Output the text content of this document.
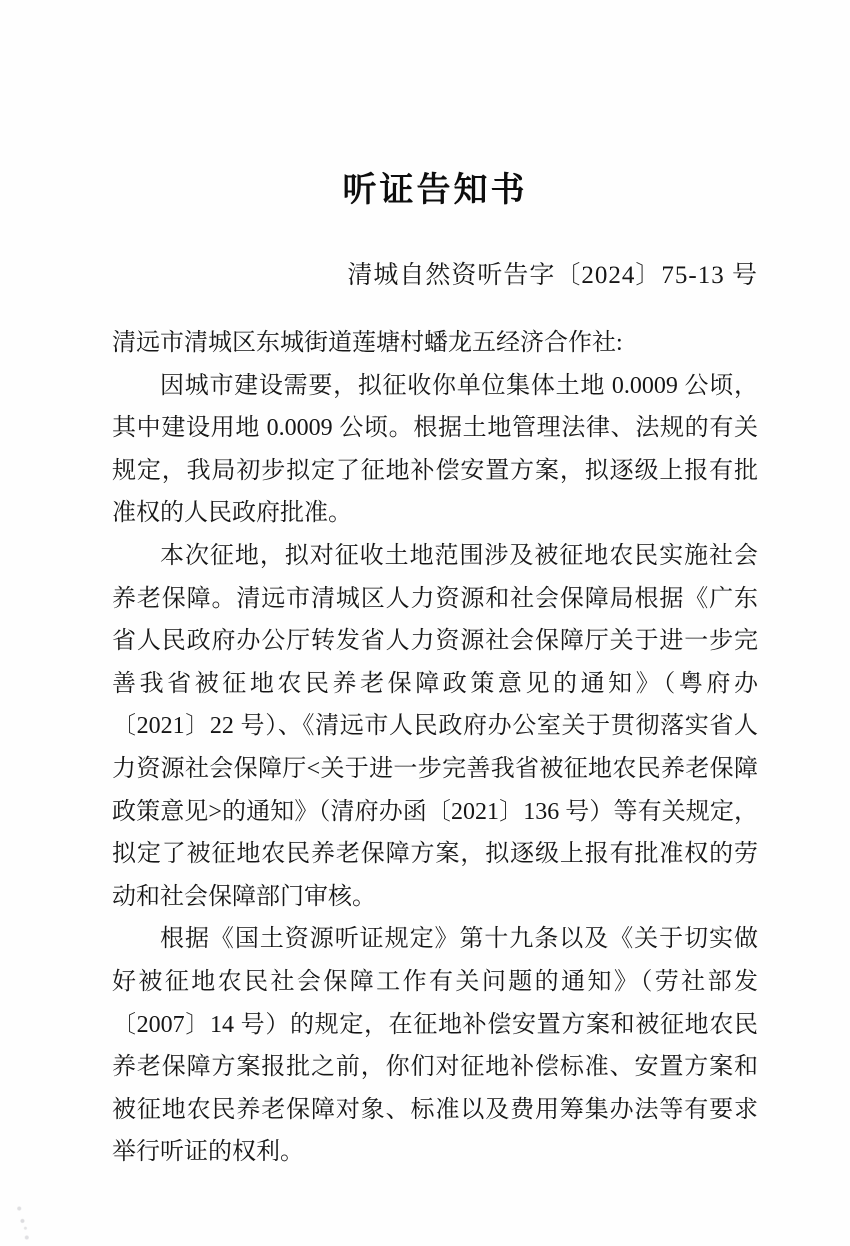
听证告知书
清城自然资听告字〔2024〕75-13 号

清远市清城区东城街道莲塘村蟠龙五经济合作社:

因城市建设需要，拟征收你单位集体土地 0.0009 公顷，其中建设用地 0.0009 公顷。根据土地管理法律、法规的有关规定，我局初步拟定了征地补偿安置方案，拟逐级上报有批准权的人民政府批准。

本次征地，拟对征收土地范围涉及被征地农民实施社会养老保障。清远市清城区人力资源和社会保障局根据《广东省人民政府办公厅转发省人力资源社会保障厅关于进一步完善我省被征地农民养老保障政策意见的通知》（粤府办〔2021〕22 号）、《清远市人民政府办公室关于贯彻落实省人力资源社会保障厅<关于进一步完善我省被征地农民养老保障政策意见>的通知》（清府办函〔2021〕136 号）等有关规定，拟定了被征地农民养老保障方案，拟逐级上报有批准权的劳动和社会保障部门审核。

根据《国土资源听证规定》第十九条以及《关于切实做好被征地农民社会保障工作有关问题的通知》（劳社部发〔2007〕14 号）的规定，在征地补偿安置方案和被征地农民养老保障方案报批之前，你们对征地补偿标准、安置方案和被征地农民养老保障对象、标准以及费用筹集办法等有要求举行听证的权利。
